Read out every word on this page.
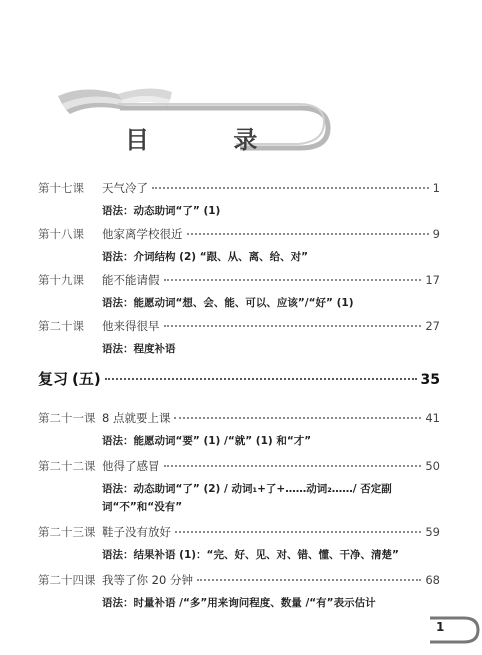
目 录
第十七课	天气冷了	1
语法：动态助词“了” (1)
第十八课	他家离学校很近	9
语法：介词结构 (2) “跟、从、离、给、对”
第十九课	能不能请假	17
语法：能愿动词“想、会、能、可以、应该”/“好” (1)
第二十课	他来得很早	27
语法：程度补语
复习 (五)	35
第二十一课 8 点就要上课	41
语法：能愿动词“要” (1) /“就” (1) 和“才”
第二十二课 他得了感冒	50
语法：动态助词“了” (2) / 动词₁+了+……动词₂……/ 否定副词“不”和“没有”
第二十三课 鞋子没有放好	59
语法：结果补语 (1)：“完、好、见、对、错、懂、干净、清楚”
第二十四课 我等了你 20 分钟	68
语法：时量补语 /“多”用来询问程度、数量 /“有”表示估计
1
